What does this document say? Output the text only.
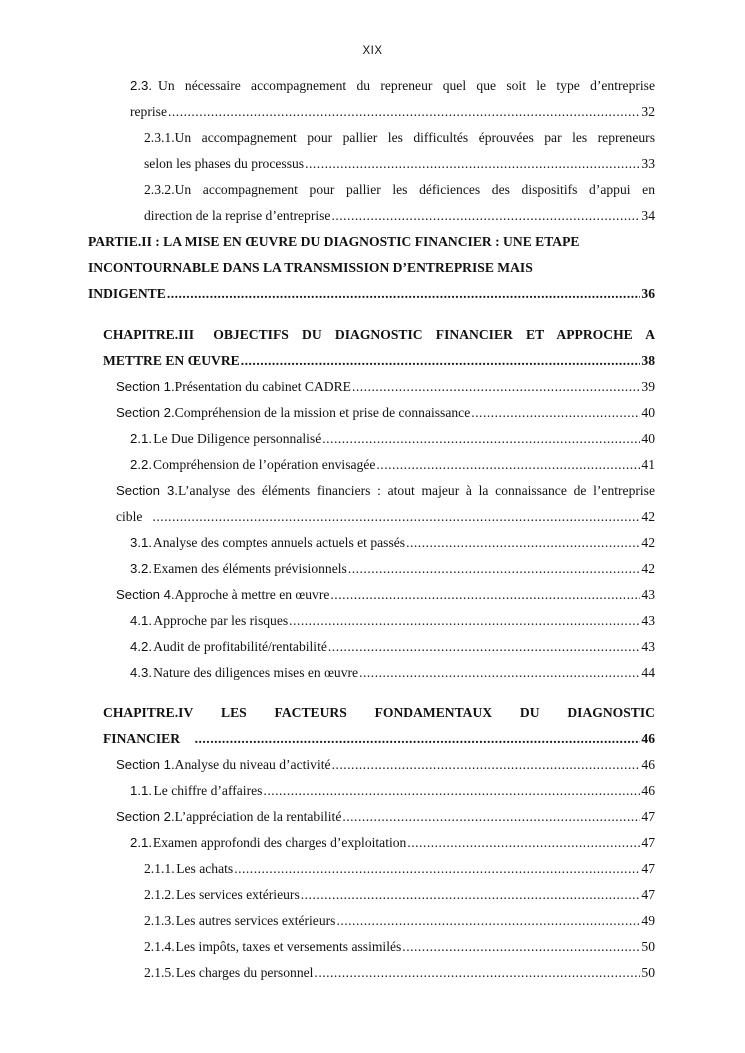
XIX
2.3. Un nécessaire accompagnement du repreneur quel que soit le type d’entreprise
reprise .....	32
2.3.1.Un accompagnement pour pallier les difficultés éprouvées par les repreneurs
selon les phases du processus .....	33
2.3.2.Un accompagnement pour pallier les déficiences des dispositifs d’appui en
direction de la reprise d’entreprise .....	34
PARTIE.II : LA MISE EN ŒUVRE DU DIAGNOSTIC FINANCIER : UNE ETAPE
INCONTOURNABLE DANS LA TRANSMISSION D’ENTREPRISE MAIS
INDIGENTE .....	36
CHAPITRE.III OBJECTIFS DU DIAGNOSTIC FINANCIER ET APPROCHE A
METTRE EN ŒUVRE .....	38
Section 1. Présentation du cabinet CADRE .....	39
Section 2. Compréhension de la mission et prise de connaissance .....	40
2.1. Le Due Diligence personnalisé .....	40
2.2. Compréhension de l’opération envisagée .....	41
Section 3.L’analyse des éléments financiers : atout majeur à la connaissance de l’entreprise
cible .....	42
3.1. Analyse des comptes annuels actuels et passés .....	42
3.2. Examen des éléments prévisionnels .....	42
Section 4. Approche à mettre en œuvre .....	43
4.1. Approche par les risques .....	43
4.2. Audit de profitabilité/rentabilité .....	43
4.3. Nature des diligences mises en œuvre .....	44
CHAPITRE.IV LES FACTEURS FONDAMENTAUX DU DIAGNOSTIC
FINANCIER .....	46
Section 1. Analyse du niveau d’activité .....	46
1.1. Le chiffre d’affaires .....	46
Section 2. L’appréciation de la rentabilité .....	47
2.1. Examen approfondi des charges d’exploitation .....	47
2.1.1. Les achats .....	47
2.1.2. Les services extérieurs .....	47
2.1.3. Les autres services extérieurs .....	49
2.1.4. Les impôts, taxes et versements assimilés .....	50
2.1.5. Les charges du personnel .....	50
